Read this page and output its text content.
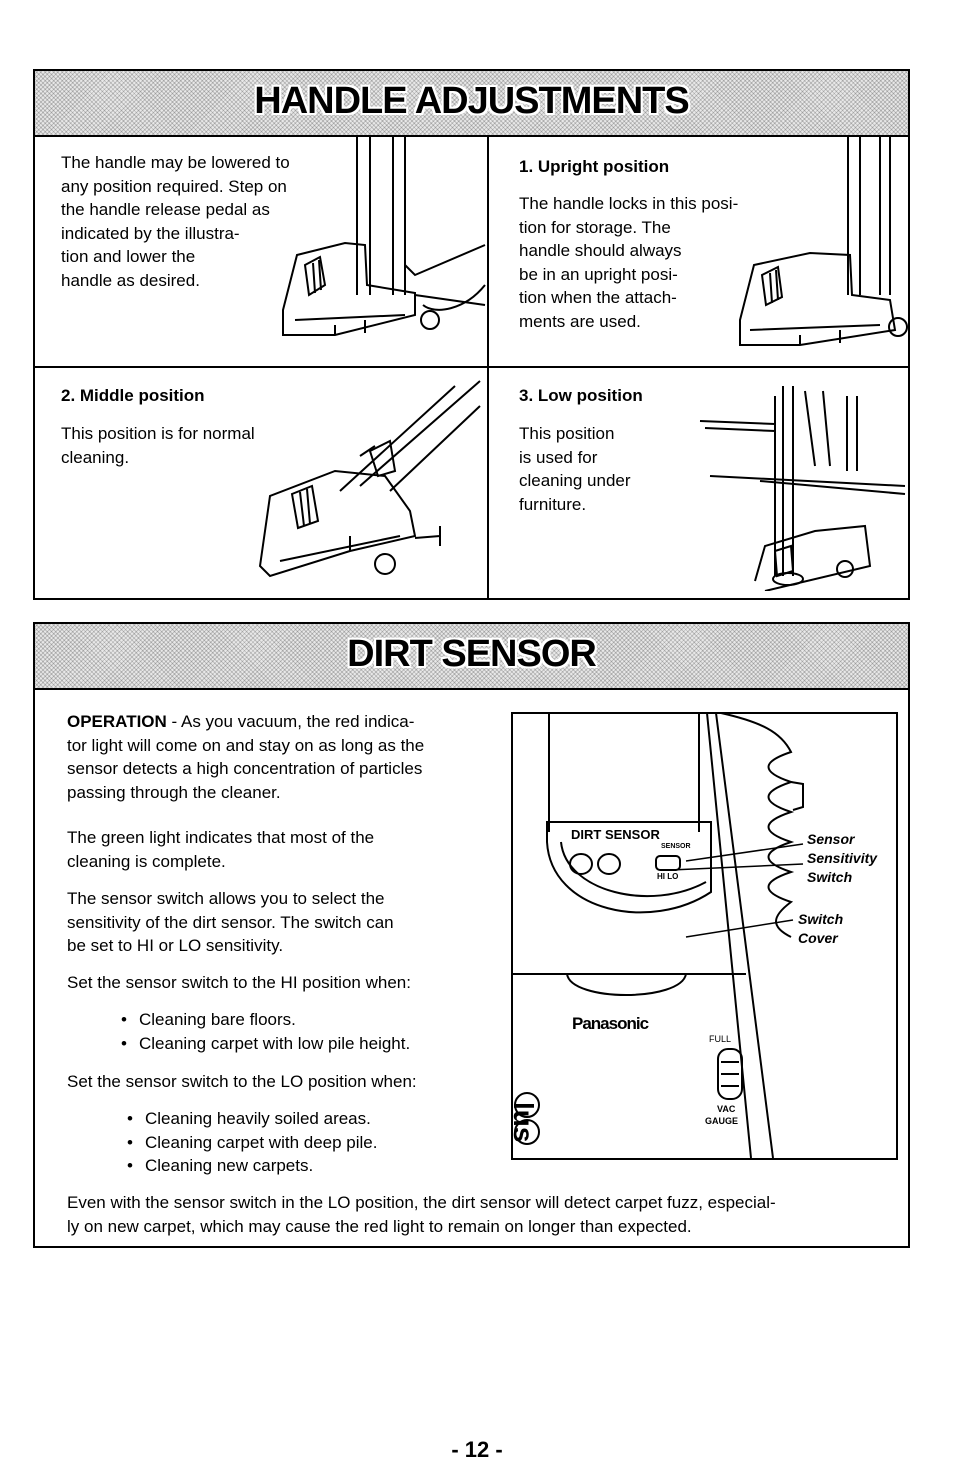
HANDLE ADJUSTMENTS
The handle may be lowered to
any position required. Step on
the handle release pedal as
indicated by the illustra-
tion and lower the
handle as desired.
1. Upright position
The handle locks in this posi-
tion for storage. The
handle should always
be in an upright posi-
tion when the attach-
ments are used.
2. Middle position
This position is for normal
cleaning.
3. Low position
This position
is used for
cleaning under
furniture.
DIRT SENSOR
OPERATION - As you vacuum, the red indica-
tor light will come on and stay on as long as the
sensor detects a high concentration of particles
passing through the cleaner.
The green light indicates that most of the
cleaning is complete.
The sensor switch allows you to select the
sensitivity of the dirt sensor. The switch can
be set to HI or LO sensitivity.
Set the sensor switch to the HI position when:
• Cleaning bare floors.
• Cleaning carpet with low pile height.
Set the sensor switch to the LO position when:
• Cleaning heavily soiled areas.
• Cleaning carpet with deep pile.
• Cleaning new carpets.
Even with the sensor switch in the LO position, the dirt sensor will detect carpet fuzz, especial-
ly on new carpet, which may cause the red light to remain on longer than expected.
DIRT SENSOR
SENSOR
HI LO
Panasonic
FULL
VAC
GAUGE
lus
Sensor
Sensitivity
Switch
Switch
Cover
- 12 -
